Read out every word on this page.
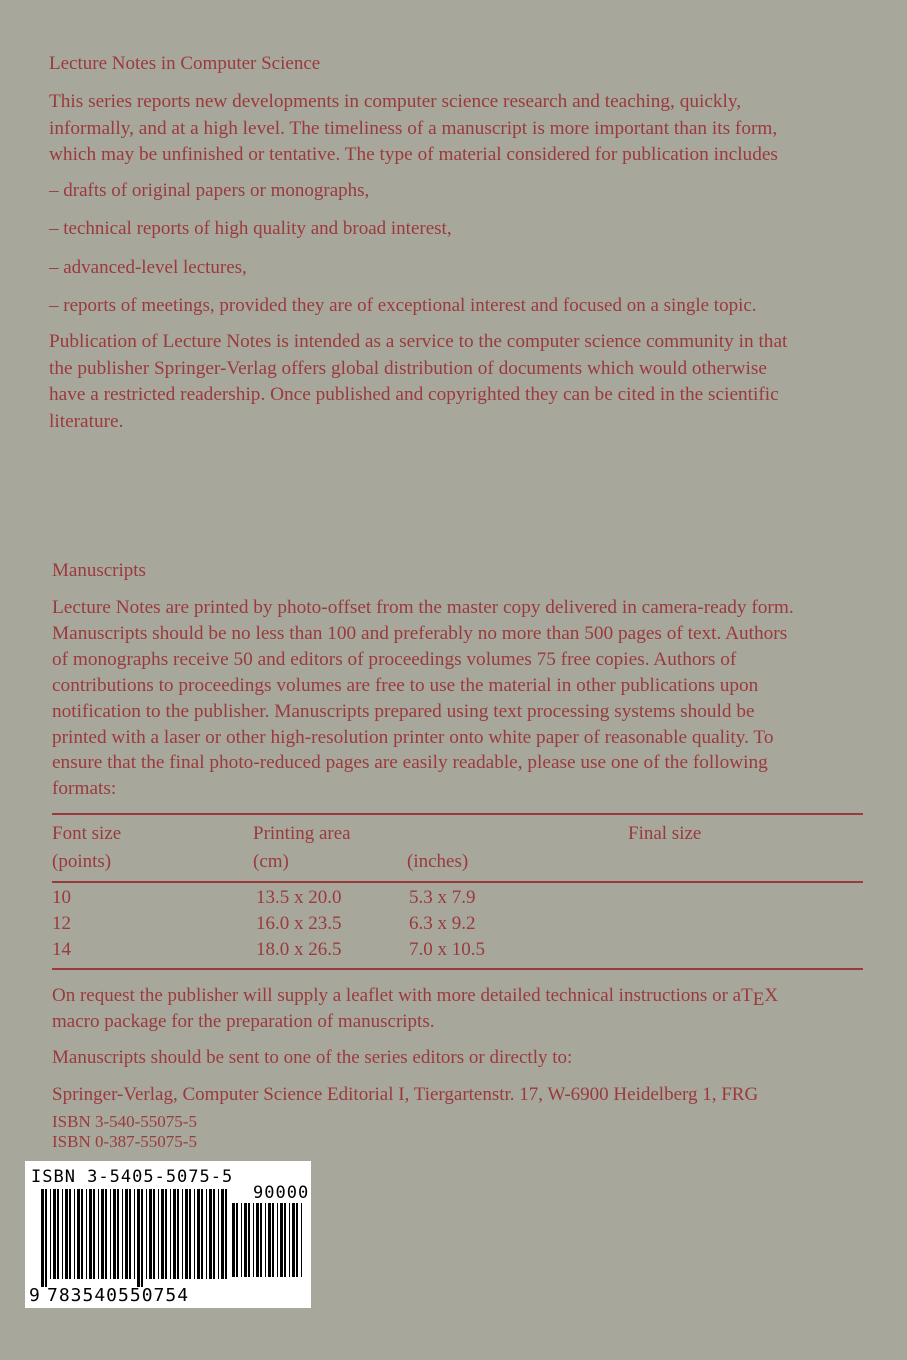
Lecture Notes in Computer Science
This series reports new developments in computer science research and teaching, quickly,
informally, and at a high level. The timeliness of a manuscript is more important than its form,
which may be unfinished or tentative. The type of material considered for publication includes
– drafts of original papers or monographs,
– technical reports of high quality and broad interest,
– advanced-level lectures,
– reports of meetings, provided they are of exceptional interest and focused on a single topic.
Publication of Lecture Notes is intended as a service to the computer science community in that
the publisher Springer-Verlag offers global distribution of documents which would otherwise
have a restricted readership. Once published and copyrighted they can be cited in the scientific
literature.
Manuscripts
Lecture Notes are printed by photo-offset from the master copy delivered in camera-ready form.
Manuscripts should be no less than 100 and preferably no more than 500 pages of text. Authors
of monographs receive 50 and editors of proceedings volumes 75 free copies. Authors of
contributions to proceedings volumes are free to use the material in other publications upon
notification to the publisher. Manuscripts prepared using text processing systems should be
printed with a laser or other high-resolution printer onto white paper of reasonable quality. To
ensure that the final photo-reduced pages are easily readable, please use one of the following
formats:
Font size	Printing area	Final size
(points)	(cm)	(inches)
10	13.5 x 20.0	5.3 x 7.9
12	16.0 x 23.5	6.3 x 9.2
14	18.0 x 26.5	7.0 x 10.5
On request the publisher will supply a leaflet with more detailed technical instructions or aTEX
macro package for the preparation of manuscripts.
Manuscripts should be sent to one of the series editors or directly to:
Springer-Verlag, Computer Science Editorial I, Tiergartenstr. 17, W-6900 Heidelberg 1, FRG
ISBN 3-540-55075-5
ISBN 0-387-55075-5
ISBN 3-5405-5075-5
90000
9 783540550754
